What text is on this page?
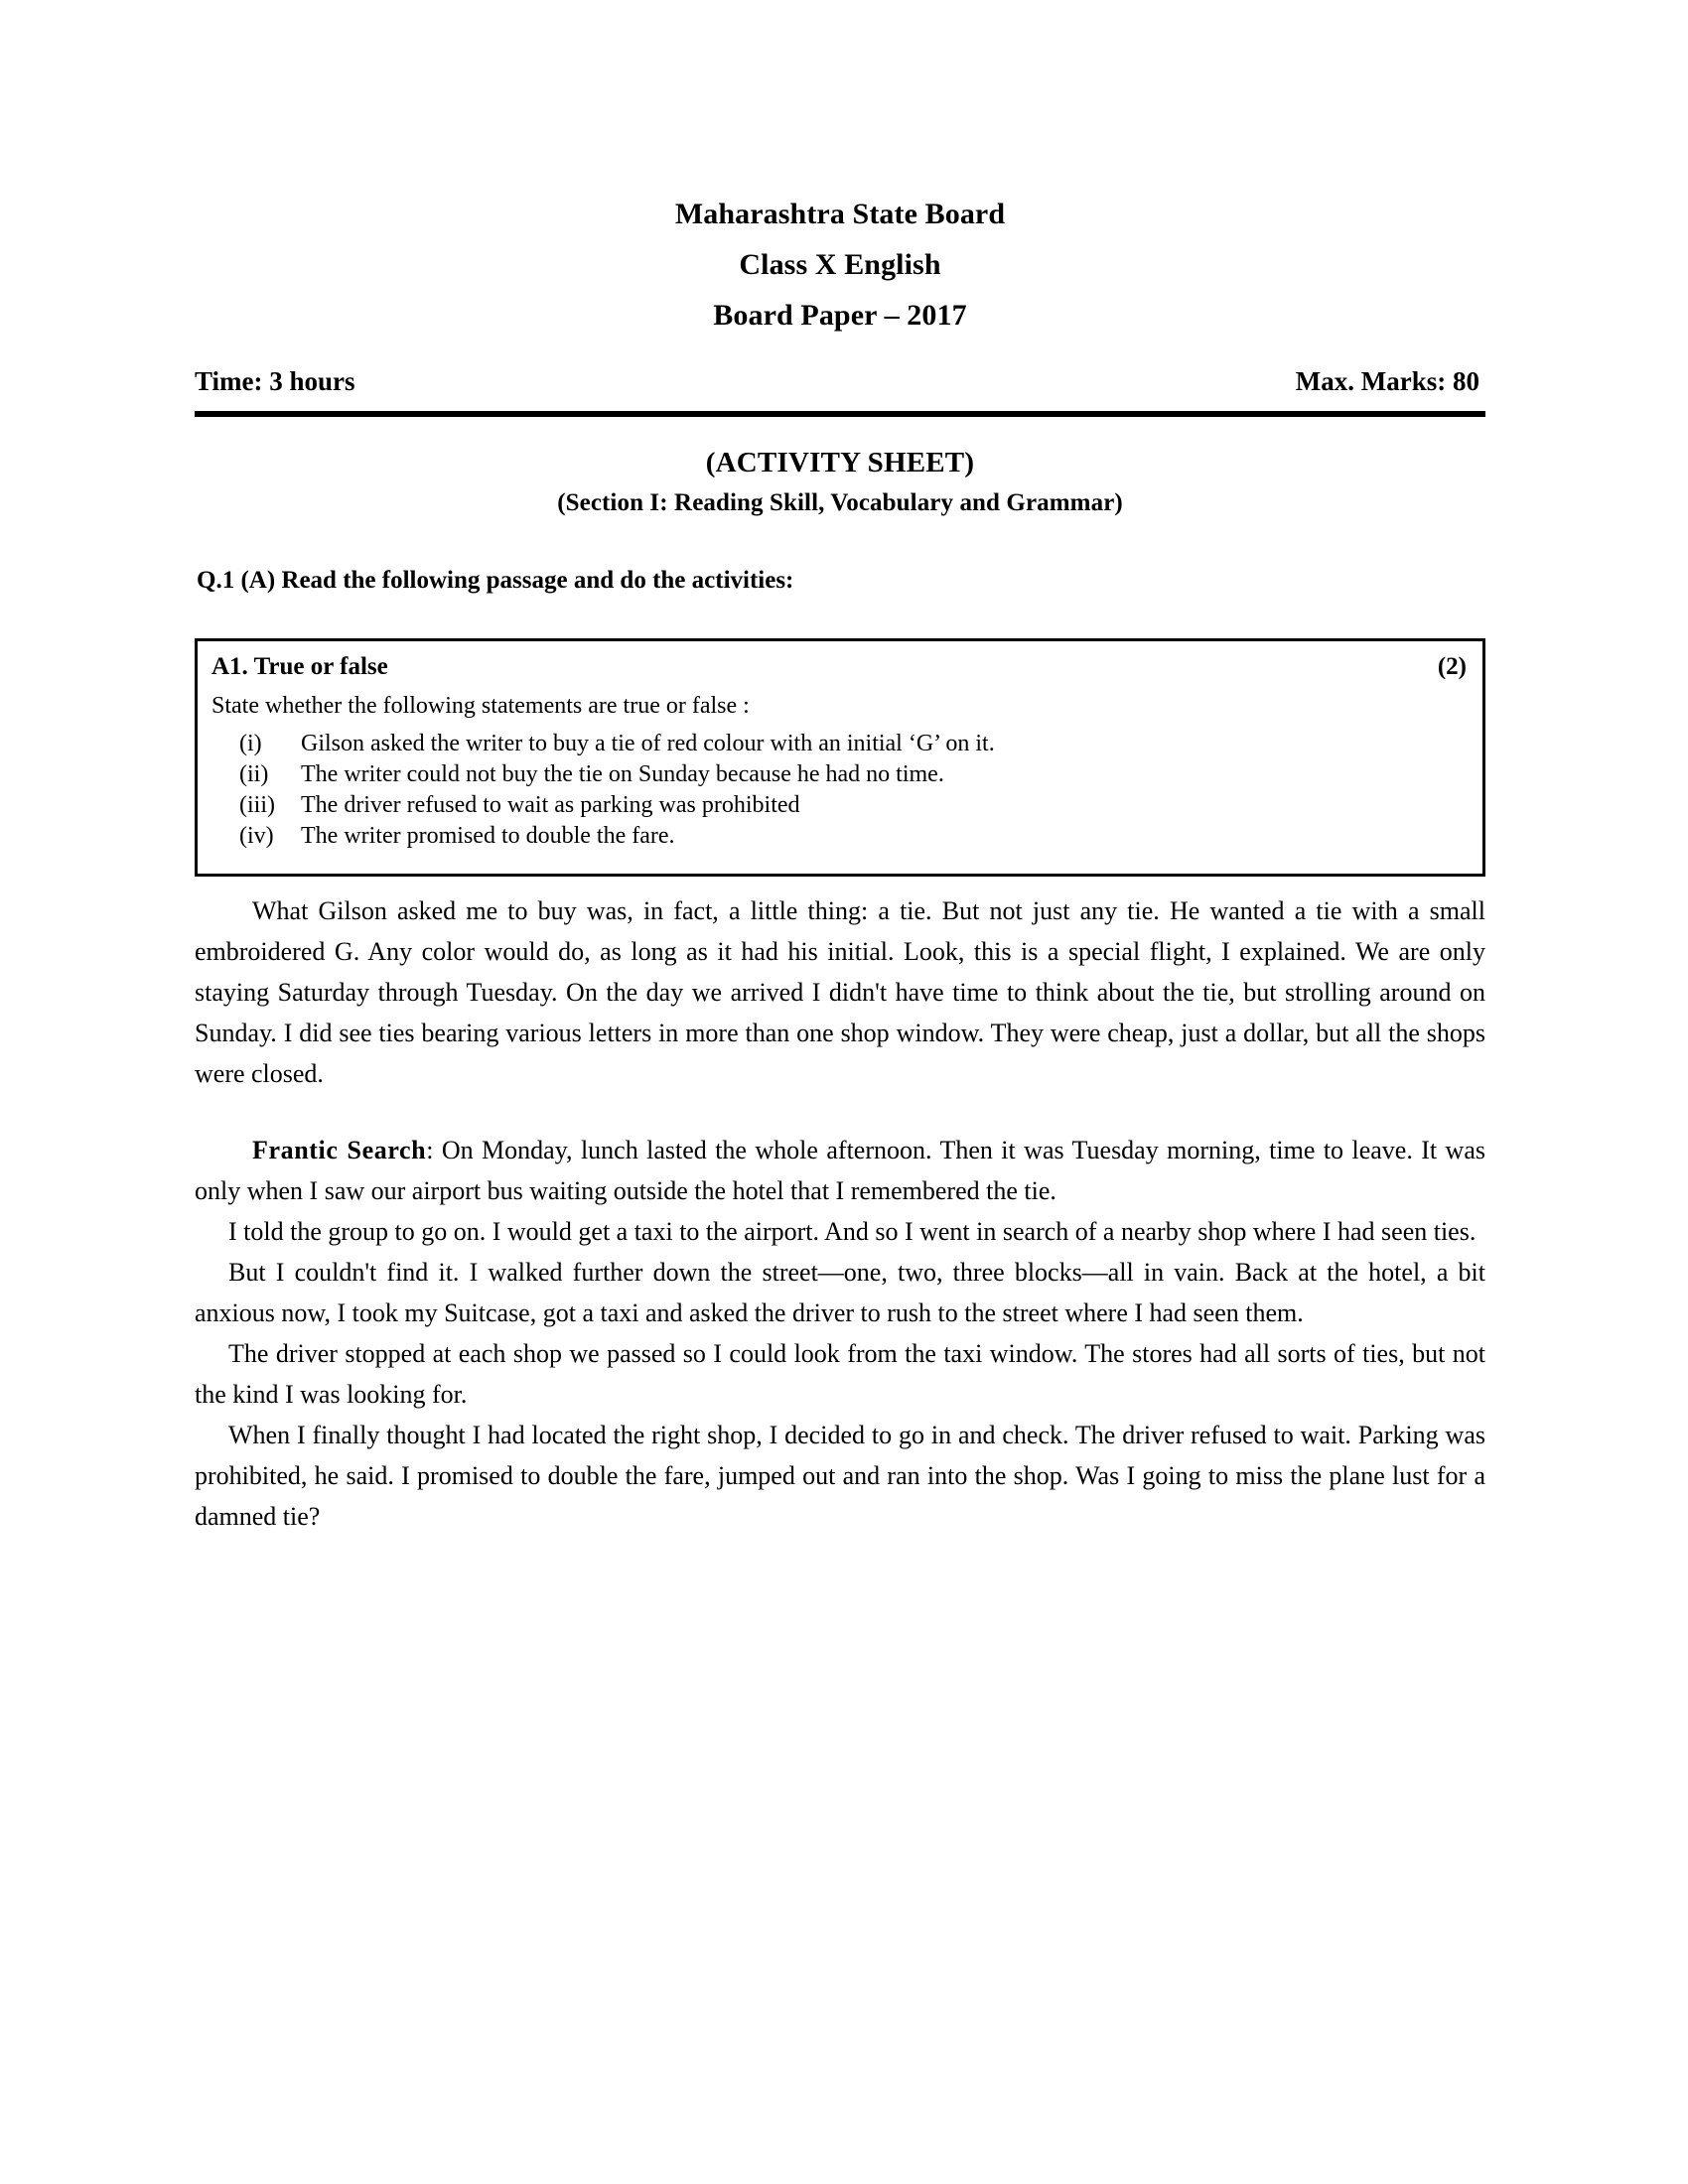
Maharashtra State Board
Class X English
Board Paper – 2017
Time: 3 hours	Max. Marks: 80
(ACTIVITY SHEET)
(Section I: Reading Skill, Vocabulary and Grammar)
Q.1 (A) Read the following passage and do the activities:
A1. True or false	(2)
State whether the following statements are true or false :
(i)	Gilson asked the writer to buy a tie of red colour with an initial ‘G’ on it.
(ii)	The writer could not buy the tie on Sunday because he had no time.
(iii)	The driver refused to wait as parking was prohibited
(iv)	The writer promised to double the fare.

What Gilson asked me to buy was, in fact, a little thing: a tie. But not just any tie. He wanted a tie with a small embroidered G. Any color would do, as long as it had his initial. Look, this is a special flight, I explained. We are only staying Saturday through Tuesday. On the day we arrived I didn't have time to think about the tie, but strolling around on Sunday. I did see ties bearing various letters in more than one shop window. They were cheap, just a dollar, but all the shops were closed.

Frantic Search: On Monday, lunch lasted the whole afternoon. Then it was Tuesday morning, time to leave. It was only when I saw our airport bus waiting outside the hotel that I remembered the tie.

I told the group to go on. I would get a taxi to the airport. And so I went in search of a nearby shop where I had seen ties.

But I couldn't find it. I walked further down the street—one, two, three blocks—all in vain. Back at the hotel, a bit anxious now, I took my Suitcase, got a taxi and asked the driver to rush to the street where I had seen them.

The driver stopped at each shop we passed so I could look from the taxi window. The stores had all sorts of ties, but not the kind I was looking for.

When I finally thought I had located the right shop, I decided to go in and check. The driver refused to wait. Parking was prohibited, he said. I promised to double the fare, jumped out and ran into the shop. Was I going to miss the plane lust for a damned tie?
